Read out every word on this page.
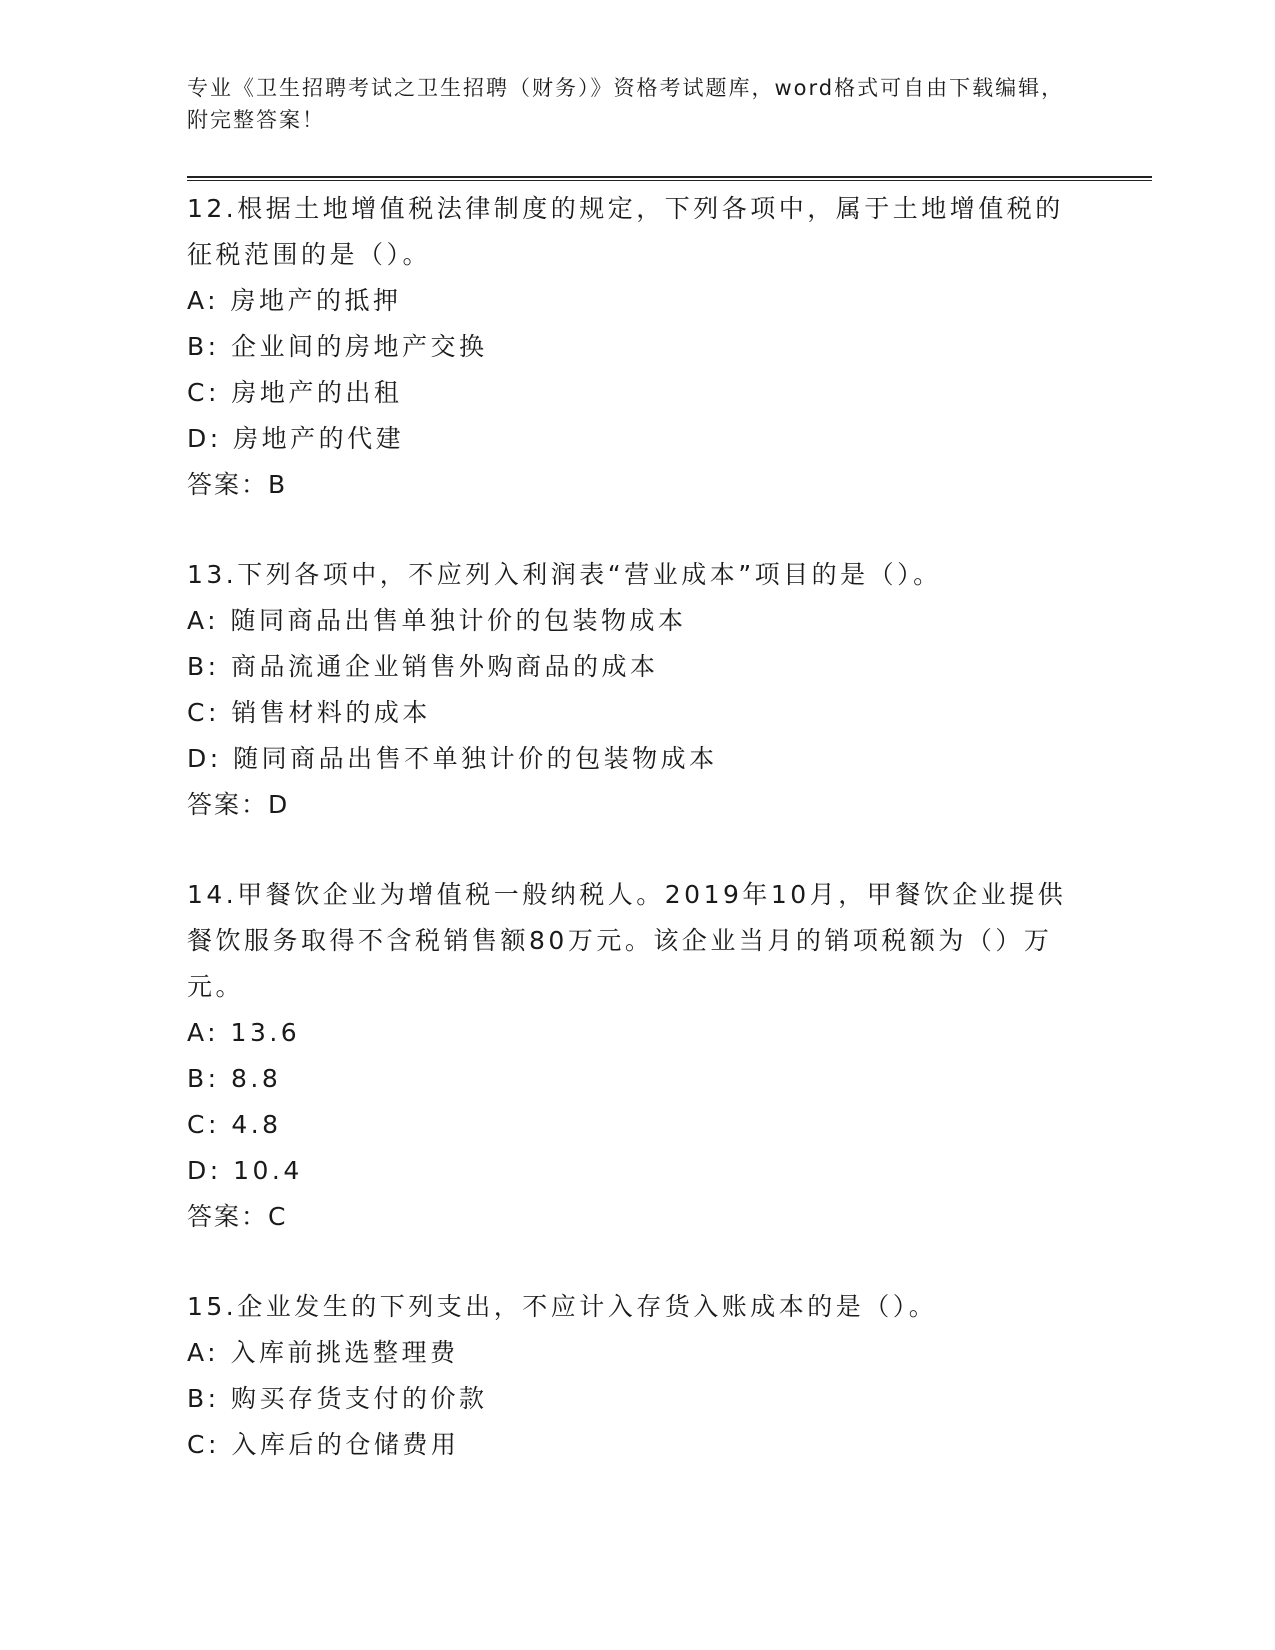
专业《卫生招聘考试之卫生招聘（财务）》资格考试题库，word格式可自由下载编辑，附完整答案！
12.根据土地增值税法律制度的规定，下列各项中，属于土地增值税的征税范围的是（）。
A: 房地产的抵押
B: 企业间的房地产交换
C: 房地产的出租
D: 房地产的代建
答案：B
13.下列各项中，不应列入利润表“营业成本”项目的是（）。
A: 随同商品出售单独计价的包装物成本
B: 商品流通企业销售外购商品的成本
C: 销售材料的成本
D: 随同商品出售不单独计价的包装物成本
答案：D
14.甲餐饮企业为增值税一般纳税人。2019年10月，甲餐饮企业提供餐饮服务取得不含税销售额80万元。该企业当月的销项税额为（）万元。
A: 13.6
B: 8.8
C: 4.8
D: 10.4
答案：C
15.企业发生的下列支出，不应计入存货入账成本的是（）。
A: 入库前挑选整理费
B: 购买存货支付的价款
C: 入库后的仓储费用
